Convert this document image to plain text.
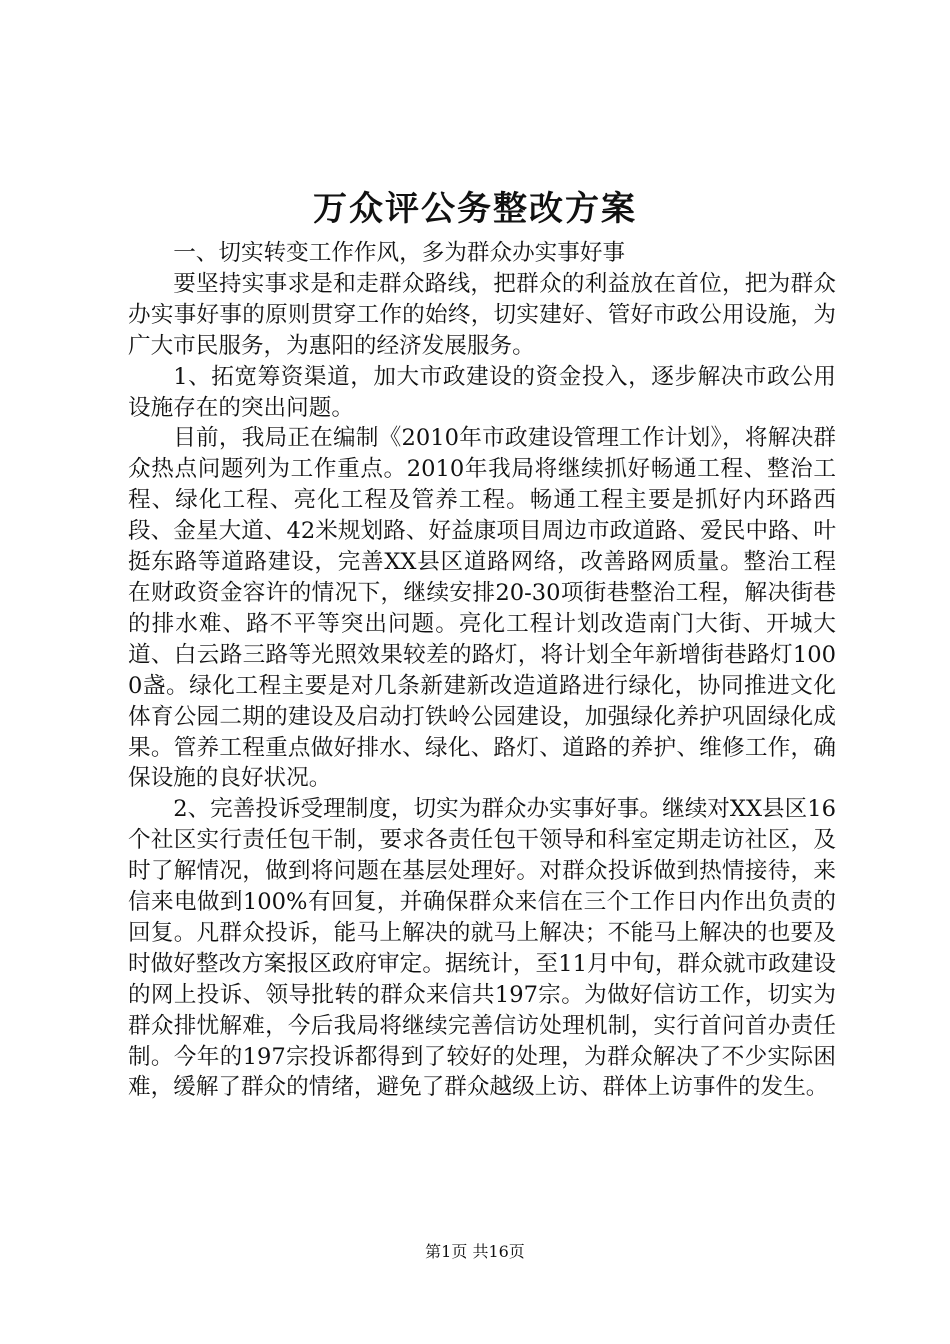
万众评公务整改方案

一、切实转变工作作风，多为群众办实事好事

要坚持实事求是和走群众路线，把群众的利益放在首位，把为群众办实事好事的原则贯穿工作的始终，切实建好、管好市政公用设施，为广大市民服务，为惠阳的经济发展服务。

1、拓宽筹资渠道，加大市政建设的资金投入，逐步解决市政公用设施存在的突出问题。

目前，我局正在编制《2010年市政建设管理工作计划》，将解决群众热点问题列为工作重点。2010年我局将继续抓好畅通工程、整治工程、绿化工程、亮化工程及管养工程。畅通工程主要是抓好内环路西段、金星大道、42米规划路、好益康项目周边市政道路、爱民中路、叶挺东路等道路建设，完善XX县区道路网络，改善路网质量。整治工程在财政资金容许的情况下，继续安排20-30项街巷整治工程，解决街巷的排水难、路不平等突出问题。亮化工程计划改造南门大街、开城大道、白云路三路等光照效果较差的路灯，将计划全年新增街巷路灯1000盏。绿化工程主要是对几条新建新改造道路进行绿化，协同推进文化体育公园二期的建设及启动打铁岭公园建设，加强绿化养护巩固绿化成果。管养工程重点做好排水、绿化、路灯、道路的养护、维修工作，确保设施的良好状况。

2、完善投诉受理制度，切实为群众办实事好事。继续对XX县区16个社区实行责任包干制，要求各责任包干领导和科室定期走访社区，及时了解情况，做到将问题在基层处理好。对群众投诉做到热情接待，来信来电做到100%有回复，并确保群众来信在三个工作日内作出负责的回复。凡群众投诉，能马上解决的就马上解决；不能马上解决的也要及时做好整改方案报区政府审定。据统计，至11月中旬，群众就市政建设的网上投诉、领导批转的群众来信共197宗。为做好信访工作，切实为群众排忧解难，今后我局将继续完善信访处理机制，实行首问首办责任制。今年的197宗投诉都得到了较好的处理，为群众解决了不少实际困难，缓解了群众的情绪，避免了群众越级上访、群体上访事件的发生。

第1页 共16页
